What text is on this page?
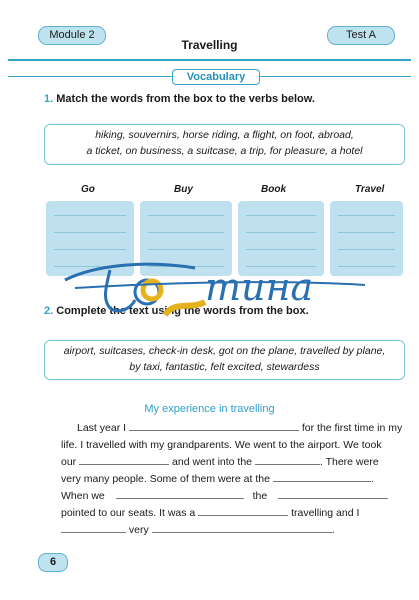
Module 2
Travelling
Test A
Vocabulary
1. Match the words from the box to the verbs below.
hiking, souvernirs, horse riding, a flight, on foot, abroad,
a ticket, on business, a suitcase, a trip, for pleasure, a hotel
Go	Buy	Book	Travel
2. Complete the text using the words from the box.
тина
airport, suitcases, check-in desk, got on the plane, travelled by plane,
by taxi, fantastic, felt excited, stewardess
My experience in travelling
Last year I	for the first time in my
life. I travelled with my grandparents. We went to the airport. We took
our	and went into the	. There were
very many people. Some of them were at the	.
When we	the
pointed to our seats. It was a	travelling and I
very	.
6
